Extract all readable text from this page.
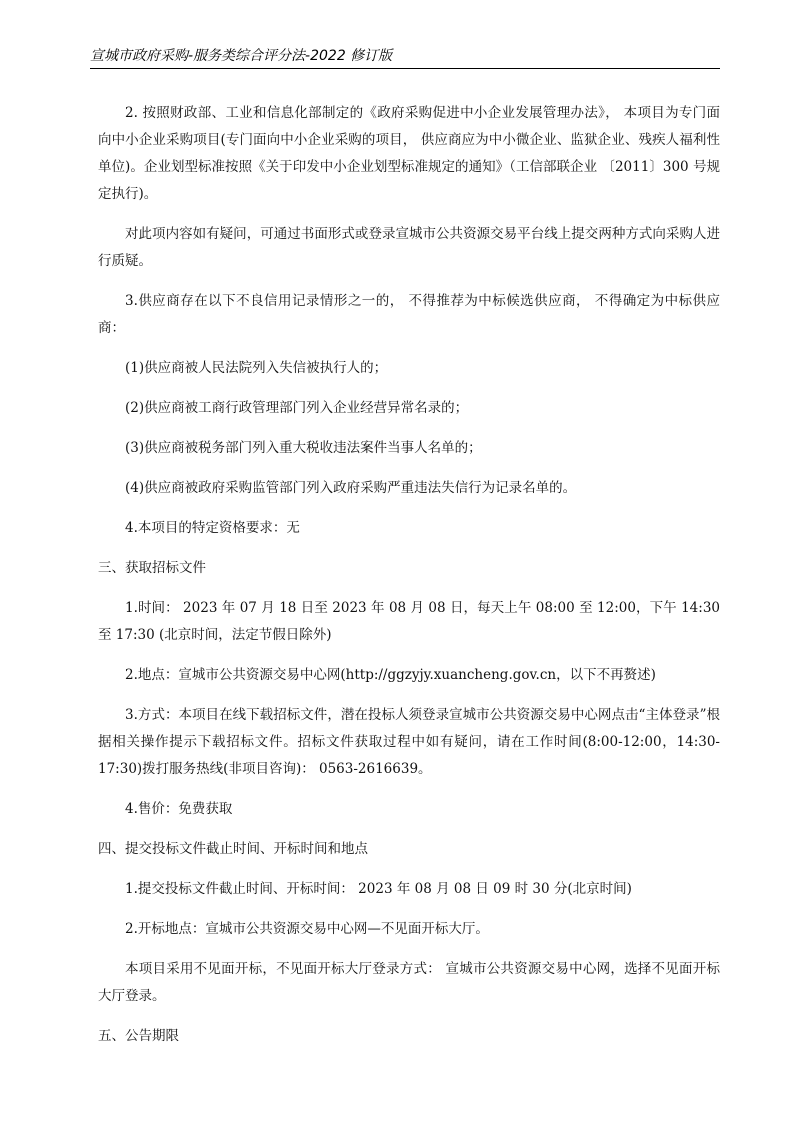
宣城市政府采购-服务类综合评分法-2022 修订版

2. 按照财政部、工业和信息化部制定的《政府采购促进中小企业发展管理办法》， 本项目为专门面向中小企业采购项目(专门面向中小企业采购的项目， 供应商应为中小微企业、监狱企业、残疾人福利性单位)。企业划型标准按照《关于印发中小企业划型标准规定的通知》（工信部联企业 〔2011〕300 号规定执行)。

对此项内容如有疑问，可通过书面形式或登录宣城市公共资源交易平台线上提交两种方式向采购人进行质疑。

3.供应商存在以下不良信用记录情形之一的， 不得推荐为中标候选供应商， 不得确定为中标供应商：

(1)供应商被人民法院列入失信被执行人的；

(2)供应商被工商行政管理部门列入企业经营异常名录的；

(3)供应商被税务部门列入重大税收违法案件当事人名单的；

(4)供应商被政府采购监管部门列入政府采购严重违法失信行为记录名单的。

4.本项目的特定资格要求：无

三、获取招标文件

1.时间： 2023 年 07 月 18 日至 2023 年 08 月 08 日，每天上午 08:00 至 12:00，下午 14:30 至 17:30 (北京时间，法定节假日除外)

2.地点：宣城市公共资源交易中心网(http://ggzyjy.xuancheng.gov.cn，以下不再赘述)

3.方式：本项目在线下载招标文件，潜在投标人须登录宣城市公共资源交易中心网点击“主体登录”根据相关操作提示下载招标文件。招标文件获取过程中如有疑问，请在工作时间(8:00-12:00，14:30-17:30)拨打服务热线(非项目咨询)： 0563-2616639。

4.售价：免费获取

四、提交投标文件截止时间、开标时间和地点

1.提交投标文件截止时间、开标时间： 2023 年 08 月 08 日 09 时 30 分(北京时间)

2.开标地点：宣城市公共资源交易中心网—不见面开标大厅。

本项目采用不见面开标，不见面开标大厅登录方式： 宣城市公共资源交易中心网，选择不见面开标大厅登录。

五、公告期限
